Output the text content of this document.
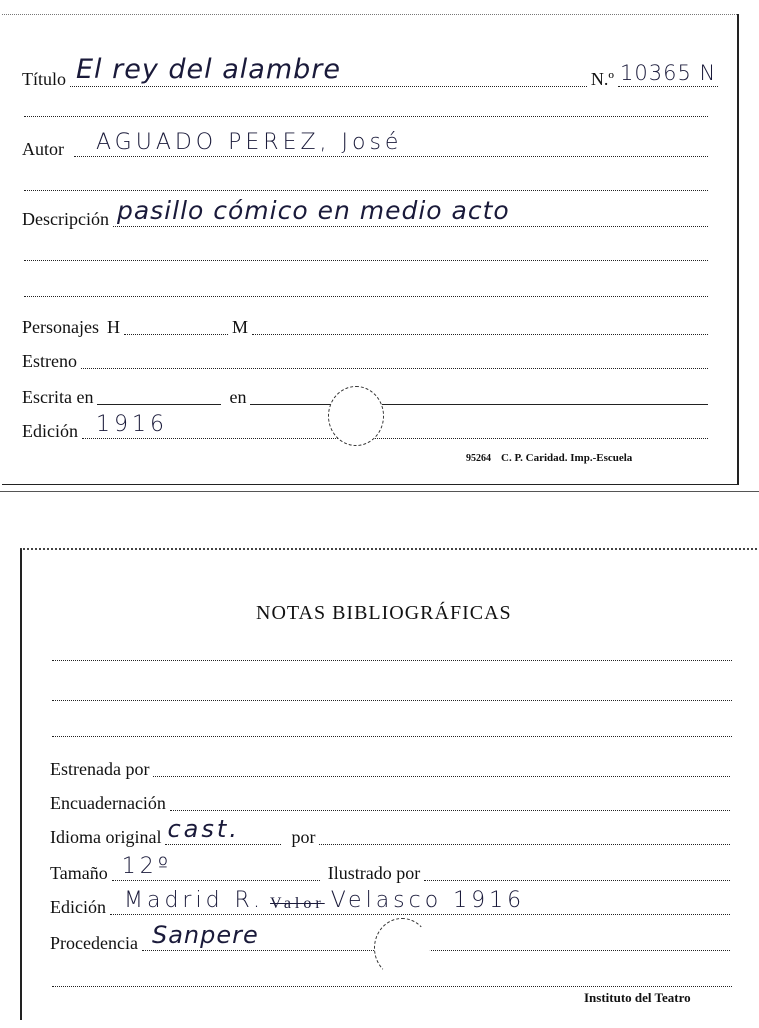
Título El rey del alambre	N.º 10365 N
Autor AGUADO PEREZ, José
Descripción pasillo cómico en medio acto
Personajes H	M
Estreno
Escrita en	en
Edición 1916
95264 C. P. Caridad. Imp.-Escuela
NOTAS BIBLIOGRÁFICAS
Estrenada por
Encuadernación
Idioma original cast.	por
Tamaño 12º	Ilustrado por
Edición Madrid R. Valor Velasco 1916
Procedencia Sanpere
Instituto del Teatro
